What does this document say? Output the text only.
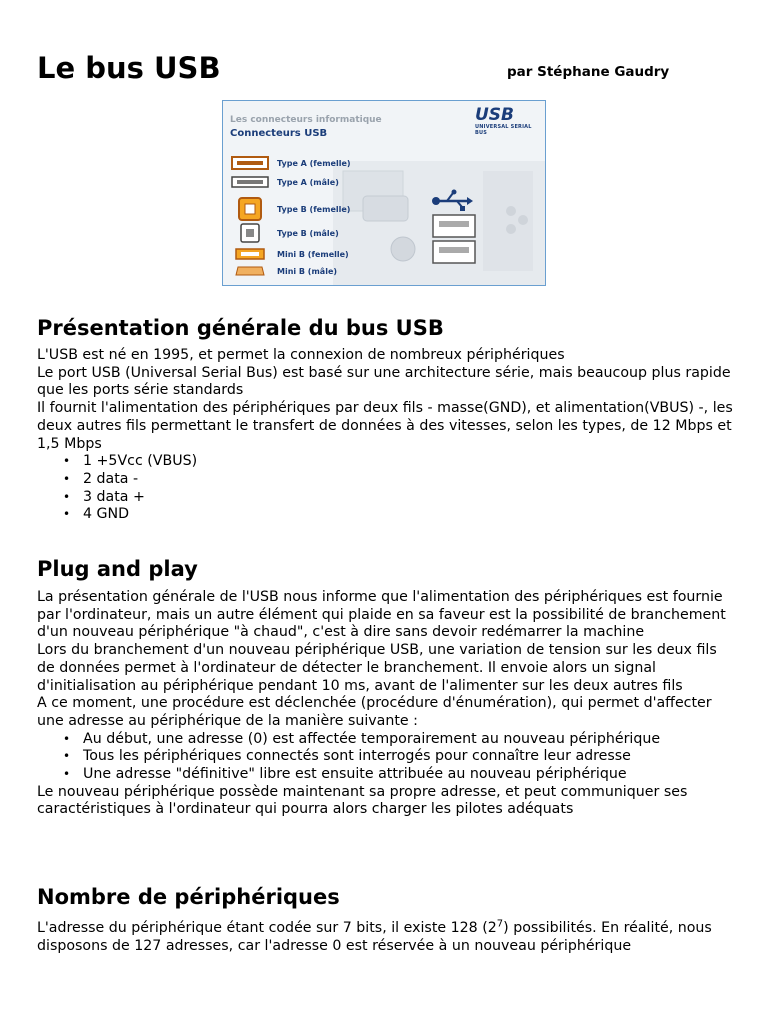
Le bus USB	par Stéphane Gaudry
Les connecteurs informatique
Connecteurs USB
USB
UNIVERSAL SERIAL BUS
Type A (femelle)
Type A (mâle)
Type B (femelle)
Type B (mâle)
Mini B (femelle)
Mini B (mâle)
Présentation générale du bus USB

L'USB est né en 1995, et permet la connexion de nombreux périphériques

Le port USB (Universal Serial Bus) est basé sur une architecture série, mais beaucoup plus rapide que les ports série standards

Il fournit l'alimentation des périphériques par deux fils - masse(GND), et alimentation(VBUS) -, les deux autres fils permettant le transfert de données à des vitesses, selon les types, de 12 Mbps et 1,5 Mbps

• 1 +5Vcc (VBUS)
• 2 data -
• 3 data +
• 4 GND
Plug and play

La présentation générale de l'USB nous informe que l'alimentation des périphériques est fournie par l'ordinateur, mais un autre élément qui plaide en sa faveur est la possibilité de branchement d'un nouveau périphérique "à chaud", c'est à dire sans devoir redémarrer la machine

Lors du branchement d'un nouveau périphérique USB, une variation de tension sur les deux fils de données permet à l'ordinateur de détecter le branchement. Il envoie alors un signal d'initialisation au périphérique pendant 10 ms, avant de l'alimenter sur les deux autres fils

A ce moment, une procédure est déclenchée (procédure d'énumération), qui permet d'affecter une adresse au périphérique de la manière suivante :

• Au début, une adresse (0) est affectée temporairement au nouveau périphérique
• Tous les périphériques connectés sont interrogés pour connaître leur adresse
• Une adresse "définitive" libre est ensuite attribuée au nouveau périphérique

Le nouveau périphérique possède maintenant sa propre adresse, et peut communiquer ses caractéristiques à l'ordinateur qui pourra alors charger les pilotes adéquats

Nombre de périphériques

L'adresse du périphérique étant codée sur 7 bits, il existe 128 $(2^7)$ possibilités. En réalité, nous disposons de 127 adresses, car l'adresse 0 est réservée à un nouveau périphérique
